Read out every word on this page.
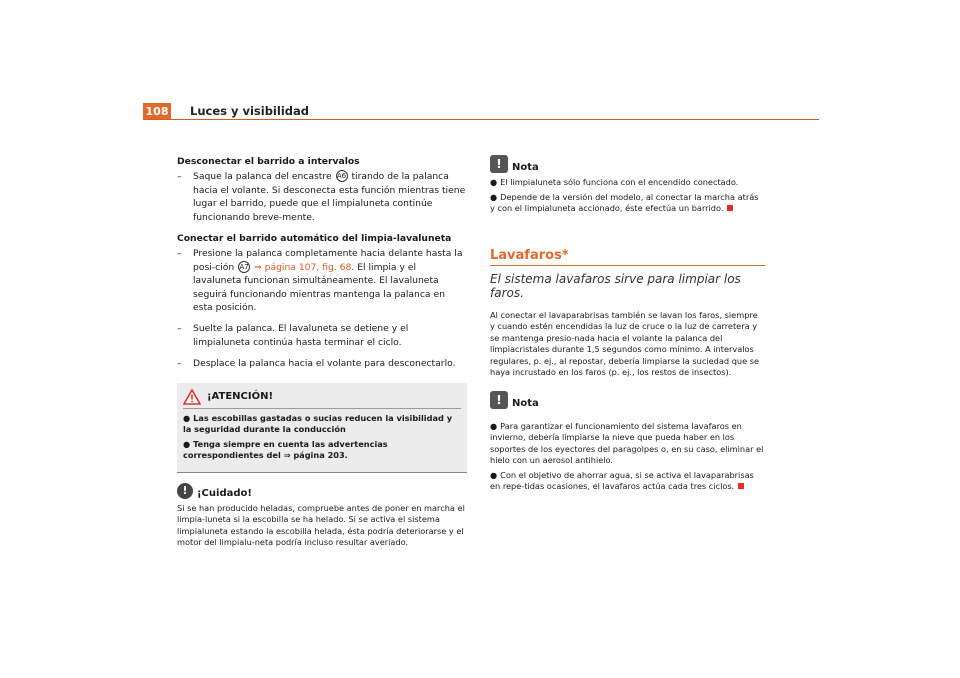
108 Luces y visibilidad

Desconectar el barrido a intervalos

– Saque la palanca del encastre A6 tirando de la palanca hacia el volante. Si desconecta esta función mientras tiene lugar el barrido, puede que el limpialuneta continúe funcionando breve-mente.

Conectar el barrido automático del limpia-lavaluneta

– Presione la palanca completamente hacia delante hasta la posi-ción A7 ⇒ página 107, fig. 68. El limpia y el lavaluneta funcionan simultáneamente. El lavaluneta seguirá funcionando mientras mantenga la palanca en esta posición.
– Suelte la palanca. El lavaluneta se detiene y el limpialuneta continúa hasta terminar el ciclo.
– Desplace la palanca hacia el volante para desconectarlo.
¡ATENCIÓN!

● Las escobillas gastadas o sucias reducen la visibilidad y la seguridad durante la conducción

● Tenga siempre en cuenta las advertencias correspondientes del ⇒ página 203.

! ¡Cuidado!

Si se han producido heladas, compruebe antes de poner en marcha el limpia-luneta si la escobilla se ha helado. Si se activa el sistema limpialuneta estando la escobilla helada, ésta podría deteriorarse y el motor del limpialu-neta podría incluso resultar averiado.

!	Nota

● El limpialuneta sólo funciona con el encendido conectado.

● Depende de la versión del modelo, al conectar la marcha atrás y con el limpialuneta accionado, éste efectúa un barrido.

Lavafaros*

El sistema lavafaros sirve para limpiar los faros.

Al conectar el lavaparabrisas también se lavan los faros, siempre y cuando estén encendidas la luz de cruce o la luz de carretera y se mantenga presio-nada hacia el volante la palanca del limpiacristales durante 1,5 segundos como mínimo. A intervalos regulares, p. ej., al repostar, debería limpiarse la suciedad que se haya incrustado en los faros (p. ej., los restos de insectos).

!	Nota

● Para garantizar el funcionamiento del sistema lavafaros en invierno, debería limpiarse la nieve que pueda haber en los soportes de los eyectores del paragolpes o, en su caso, eliminar el hielo con un aerosol antihielo.

● Con el objetivo de ahorrar agua, si se activa el lavaparabrisas en repe-tidas ocasiones, el lavafaros actúa cada tres ciclos.
